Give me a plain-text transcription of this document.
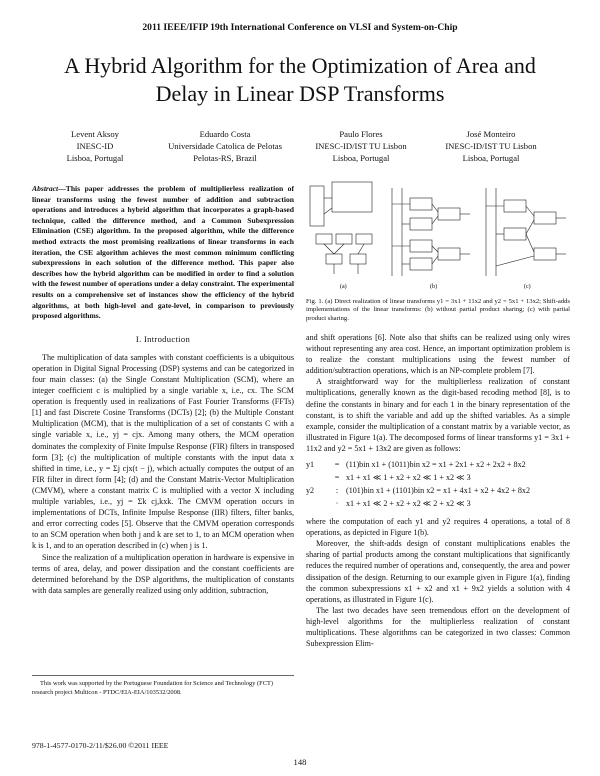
2011 IEEE/IFIP 19th International Conference on VLSI and System-on-Chip
A Hybrid Algorithm for the Optimization of Area and Delay in Linear DSP Transforms
Levent Aksoy
INESC-ID
Lisboa, Portugal
Eduardo Costa
Universidade Catolica de Pelotas
Pelotas-RS, Brazil
Paulo Flores
INESC-ID/IST TU Lisbon
Lisboa, Portugal
José Monteiro
INESC-ID/IST TU Lisbon
Lisboa, Portugal

Abstract—This paper addresses the problem of multiplierless realization of linear transforms using the fewest number of addition and subtraction operations and introduces a hybrid algorithm that incorporates a graph-based technique, called the difference method, and a Common Subexpression Elimination (CSE) algorithm. In the proposed algorithm, while the difference method extracts the most promising realizations of linear transforms in each iteration, the CSE algorithm achieves the most common minimum conflicting subexpressions in each solution of the difference method. This paper also describes how the hybrid algorithm can be modified in order to find a solution with the fewest number of operations under a delay constraint. The experimental results on a comprehensive set of instances show the efficiency of the hybrid algorithms, at both high-level and gate-level, in comparison to previously proposed algorithms.

I. Introduction

The multiplication of data samples with constant coefficients is a ubiquitous operation in Digital Signal Processing (DSP) systems and can be categorized in four main classes: (a) the Single Constant Multiplication (SCM), where an integer coefficient c is multiplied by a single variable x, i.e., cx. The SCM operation is frequently used in realizations of Fast Fourier Transforms (FFTs) [1] and fast Discrete Cosine Transforms (DCTs) [2]; (b) the Multiple Constant Multiplication (MCM), that is the multiplication of a set of constants C with a single variable x, i.e., yj = cjx. Among many others, the MCM operation dominates the complexity of Finite Impulse Response (FIR) filters in transposed form [3]; (c) the multiplication of multiple constants with the input data x shifted in time, i.e., y = Σj cjx(t − j), which actually computes the output of an FIR filter in direct form [4]; (d) and the Constant Matrix-Vector Multiplication (CMVM), where a constant matrix C is multiplied with a vector X including multiple variables, i.e., yj = Σk cj,kxk. The CMVM operation occurs in implementations of DCTs, Infinite Impulse Response (IIR) filters, filter banks, and error correcting codes [5]. Observe that the CMVM operation corresponds to an SCM operation when both j and k are set to 1, to an MCM operation when k is 1, and to an operation described in (c) when j is 1.

Since the realization of a multiplication operation in hardware is expensive in terms of area, delay, and power dissipation and the constant coefficients are determined beforehand by the DSP algorithms, the multiplication of constants with data samples are generally realized using only addition, subtraction,

This work was supported by the Portuguese Foundation for Science and Technology (FCT) research project Multicon - PTDC/EIA-EIA/103532/2008.
(a)	(b)	(c)
Fig. 1. (a) Direct realization of linear transforms y1 = 3x1 + 11x2 and y2 = 5x1 + 13x2; Shift-adds implementations of the linear transforms: (b) without partial product sharing; (c) with partial product sharing.

and shift operations [6]. Note also that shifts can be realized using only wires without representing any area cost. Hence, an important optimization problem is to realize the constant multiplications using the fewest number of addition/subtraction operations, which is an NP-complete problem [7].

A straightforward way for the multiplierless realization of constant multiplications, generally known as the digit-based recoding method [8], is to define the constants in binary and for each 1 in the binary representation of the constant, is to shift the variable and add up the shifted variables. As a simple example, consider the multiplication of a constant matrix by a variable vector, as illustrated in Figure 1(a). The decomposed forms of linear transforms y1 = 3x1 + 11x2 and y2 = 5x1 + 13x2 are given as follows:

y1	= (11)bin x1 + (1011)bin x2 = x1 + 2x1 + x2 + 2x2 + 8x2
= x1 + x1 ≪ 1 + x2 + x2 ≪ 1 + x2 ≪ 3
y2	: (101)bin x1 + (1101)bin x2 = x1 + 4x1 + x2 + 4x2 + 8x2
· x1 + x1 ≪ 2 + x2 + x2 ≪ 2 + x2 ≪ 3

where the computation of each y1 and y2 requires 4 operations, a total of 8 operations, as depicted in Figure 1(b).

Moreover, the shift-adds design of constant multiplications enables the sharing of partial products among the constant multiplications that significantly reduces the required number of operations and, consequently, the area and power dissipation of the design. Returning to our example given in Figure 1(a), finding the common subexpressions x1 + x2 and x1 + 9x2 yields a solution with 4 operations, as illustrated in Figure 1(c).

The last two decades have seen tremendous effort on the development of high-level algorithms for the multiplierless realization of constant multiplications. These algorithms can be categorized in two classes: Common Subexpression Elim-

978-1-4577-0170-2/11/$26.00 ©2011 IEEE
148
